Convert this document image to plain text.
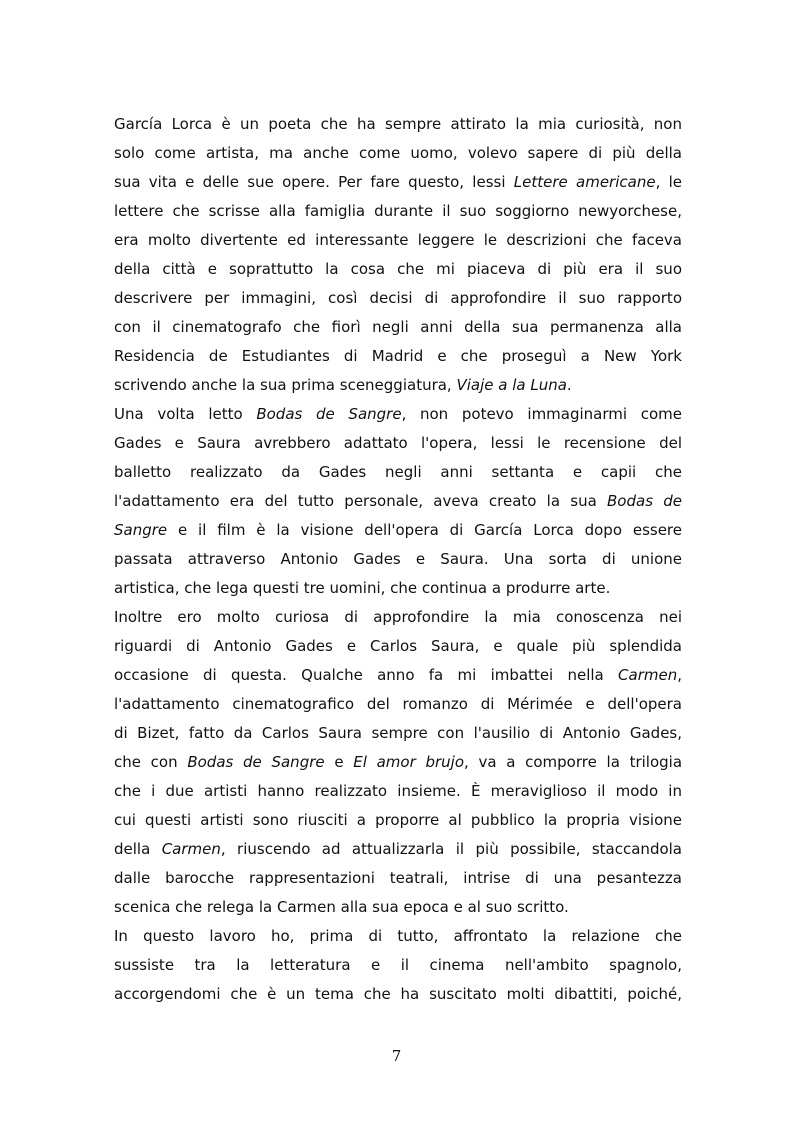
García Lorca è un poeta che ha sempre attirato la mia curiosità, non
solo come artista, ma anche come uomo, volevo sapere di più della
sua vita e delle sue opere. Per fare questo, lessi Lettere americane, le
lettere che scrisse alla famiglia durante il suo soggiorno newyorchese,
era molto divertente ed interessante leggere le descrizioni che faceva
della città e soprattutto la cosa che mi piaceva di più era il suo
descrivere per immagini, così decisi di approfondire il suo rapporto
con il cinematografo che fiorì negli anni della sua permanenza alla
Residencia de Estudiantes di Madrid e che proseguì a New York
scrivendo anche la sua prima sceneggiatura, Viaje a la Luna.
Una volta letto Bodas de Sangre, non potevo immaginarmi come
Gades e Saura avrebbero adattato l'opera, lessi le recensione del
balletto realizzato da Gades negli anni settanta e capii che
l'adattamento era del tutto personale, aveva creato la sua Bodas de
Sangre e il film è la visione dell'opera di García Lorca dopo essere
passata attraverso Antonio Gades e Saura. Una sorta di unione
artistica, che lega questi tre uomini, che continua a produrre arte.
Inoltre ero molto curiosa di approfondire la mia conoscenza nei
riguardi di Antonio Gades e Carlos Saura, e quale più splendida
occasione di questa. Qualche anno fa mi imbattei nella Carmen,
l'adattamento cinematografico del romanzo di Mérimée e dell'opera
di Bizet, fatto da Carlos Saura sempre con l'ausilio di Antonio Gades,
che con Bodas de Sangre e El amor brujo, va a comporre la trilogia
che i due artisti hanno realizzato insieme. È meraviglioso il modo in
cui questi artisti sono riusciti a proporre al pubblico la propria visione
della Carmen, riuscendo ad attualizzarla il più possibile, staccandola
dalle barocche rappresentazioni teatrali, intrise di una pesantezza
scenica che relega la Carmen alla sua epoca e al suo scritto.
In questo lavoro ho, prima di tutto, affrontato la relazione che
sussiste tra la letteratura e il cinema nell'ambito spagnolo,
accorgendomi che è un tema che ha suscitato molti dibattiti, poiché,
7
